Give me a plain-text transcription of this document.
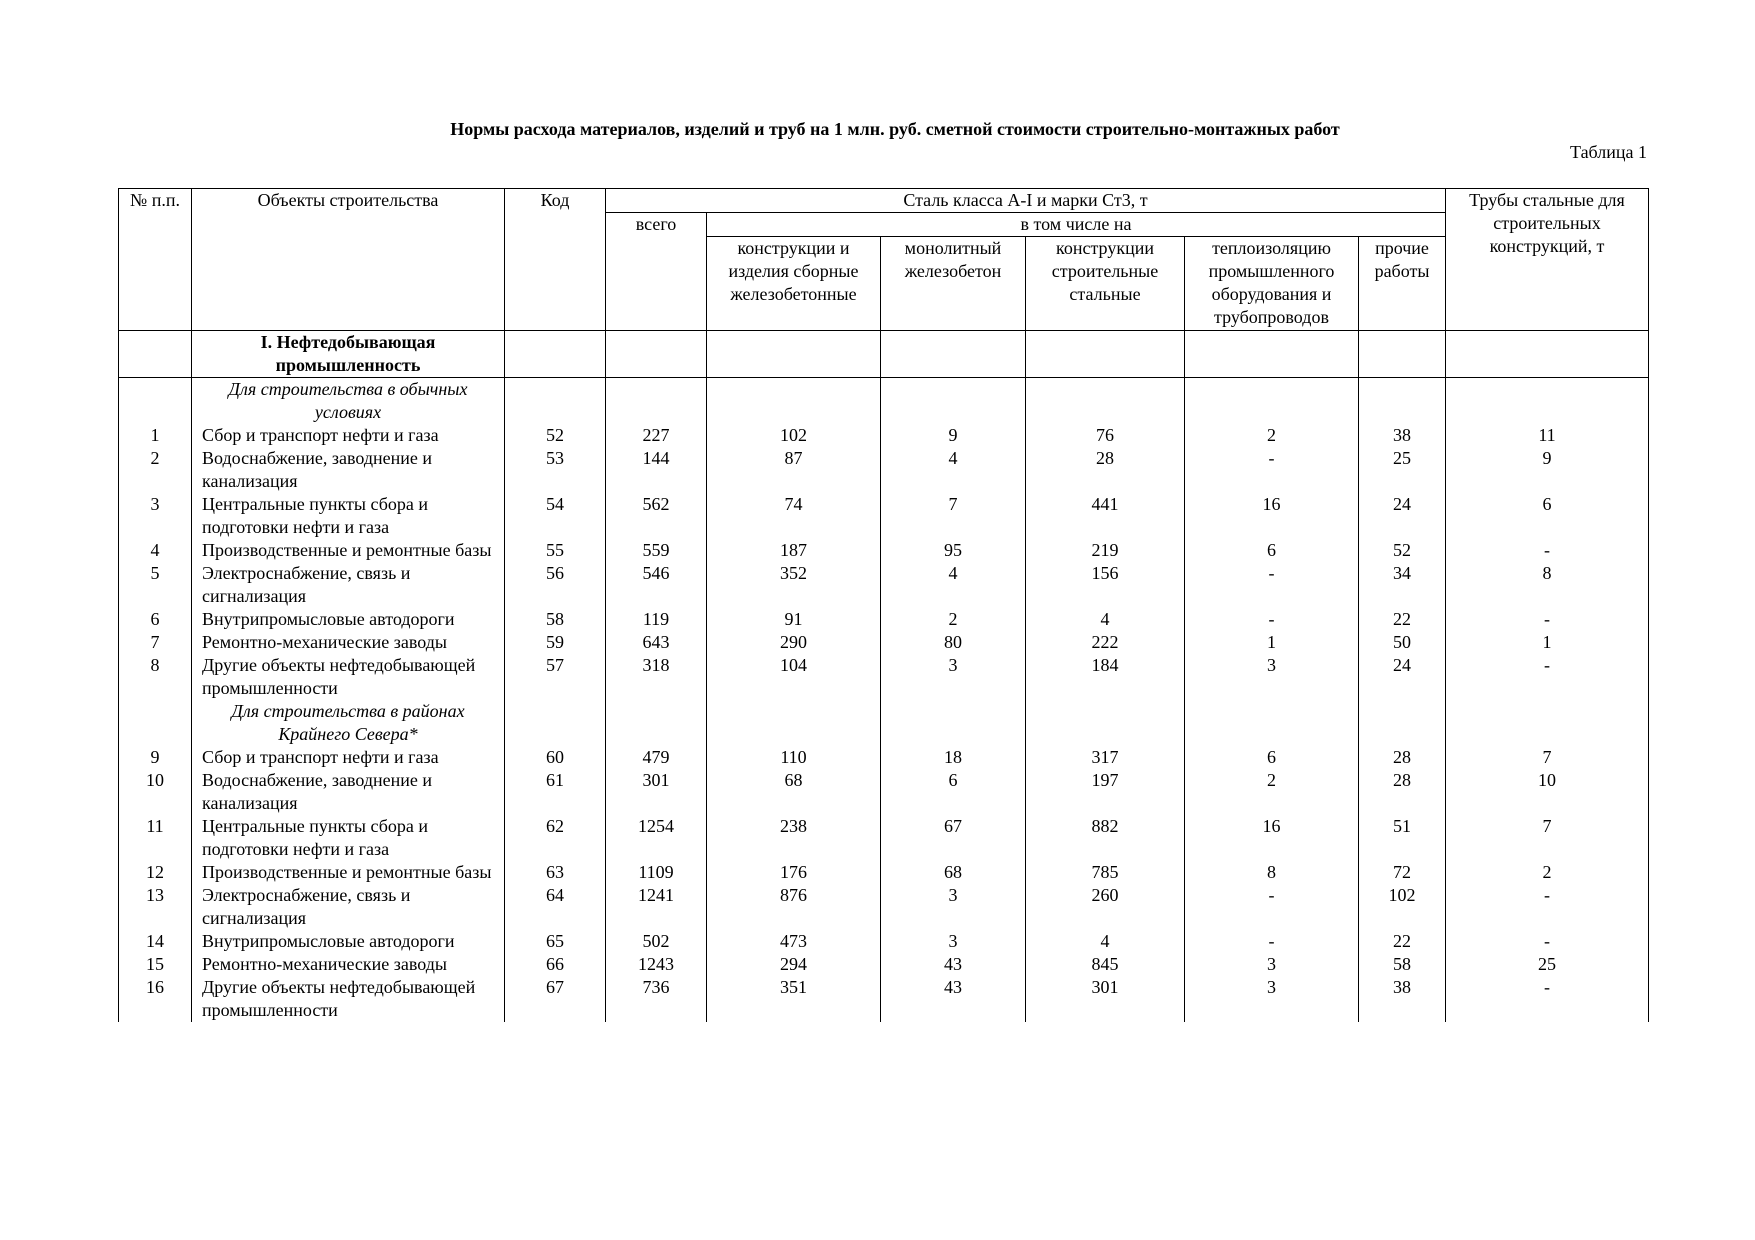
Нормы расхода материалов, изделий и труб на 1 млн. руб. сметной стоимости строительно-монтажных работ
Таблица 1
№ п.п.	Объекты строительства	Код	Сталь класса А-I и марки Ст3, т						Трубы стальные для строительных конструкций, т
			всего	в том числе на					
				конструкции и изделия сборные железобетонные	монолитный железобетон	конструкции строительные стальные	теплоизоляцию промышленного оборудования и трубопроводов	прочие работы	
	I. Нефтедобывающая промышленность								
	Для строительства в обычных условиях								
1	Сбор и транспорт нефти и газа	52	227	102	9	76	2	38	11
2	Водоснабжение, заводнение и канализация	53	144	87	4	28	-	25	9
3	Центральные пункты сбора и подготовки нефти и газа	54	562	74	7	441	16	24	6
4	Производственные и ремонтные базы	55	559	187	95	219	6	52	-
5	Электроснабжение, связь и сигнализация	56	546	352	4	156	-	34	8
6	Внутрипромысловые автодороги	58	119	91	2	4	-	22	-
7	Ремонтно-механические заводы	59	643	290	80	222	1	50	1
8	Другие объекты нефтедобывающей промышленности	57	318	104	3	184	3	24	-
	Для строительства в районах Крайнего Севера*								
9	Сбор и транспорт нефти и газа	60	479	110	18	317	6	28	7
10	Водоснабжение, заводнение и канализация	61	301	68	6	197	2	28	10
11	Центральные пункты сбора и подготовки нефти и газа	62	1254	238	67	882	16	51	7
12	Производственные и ремонтные базы	63	1109	176	68	785	8	72	2
13	Электроснабжение, связь и сигнализация	64	1241	876	3	260	-	102	-
14	Внутрипромысловые автодороги	65	502	473	3	4	-	22	-
15	Ремонтно-механические заводы	66	1243	294	43	845	3	58	25
16	Другие объекты нефтедобывающей промышленности	67	736	351	43	301	3	38	-
